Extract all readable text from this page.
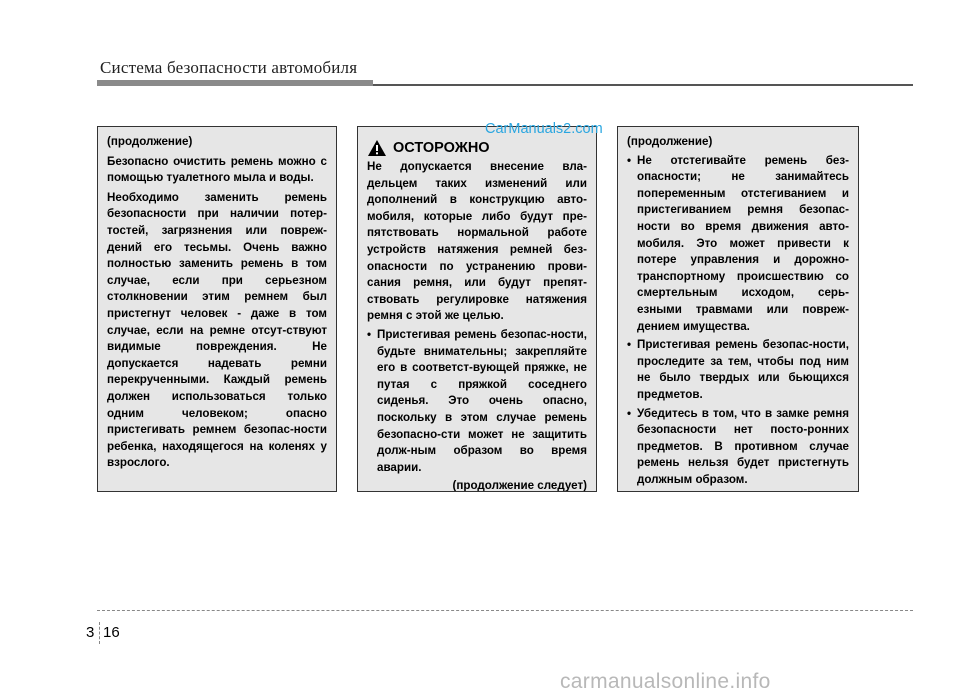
Система безопасности автомобиля

(продолжение)

Безопасно очистить ремень можно с помощью туалетного мыла и воды.

Необходимо заменить ремень безопасности при наличии потер-тостей, загрязнения или повреж-дений его тесьмы. Очень важно полностью заменить ремень в том случае, если при серьезном столкновении этим ремнем был пристегнут человек - даже в том случае, если на ремне отсут-ствуют видимые повреждения. Не допускается надевать ремни перекрученными. Каждый ремень должен использоваться только одним человеком; опасно пристегивать ремнем безопас-ности ребенка, находящегося на коленях у взрослого.

ОСТОРОЖНО

Не допускается внесение вла-дельцем таких изменений или дополнений в конструкцию авто-мобиля, которые либо будут пре-пятствовать нормальной работе устройств натяжения ремней без-опасности по устранению прови-сания ремня, или будут препят-ствовать регулировке натяжения ремня с этой же целью.

• Пристегивая ремень безопас-ности, будьте внимательны; закрепляйте его в соответст-вующей пряжке, не путая с пряжкой соседнего сиденья. Это очень опасно, поскольку в этом случае ремень безопасно-сти может не защитить долж-ным образом во время аварии.

(продолжение следует)

(продолжение)

• Не отстегивайте ремень без-опасности; не занимайтесь попеременным отстегиванием и пристегиванием ремня безопас-ности во время движения авто-мобиля. Это может привести к потере управления и дорожно-транспортному происшествию со смертельным исходом, серь-езными травмами или повреж-дением имущества.
• Пристегивая ремень безопас-ности, проследите за тем, чтобы под ним не было твердых или бьющихся предметов.
• Убедитесь в том, что в замке ремня безопасности нет посто-ронних предметов. В противном случае ремень нельзя будет пристегнуть должным образом.
CarManuals2.com
3 16
carmanualsonline.info
